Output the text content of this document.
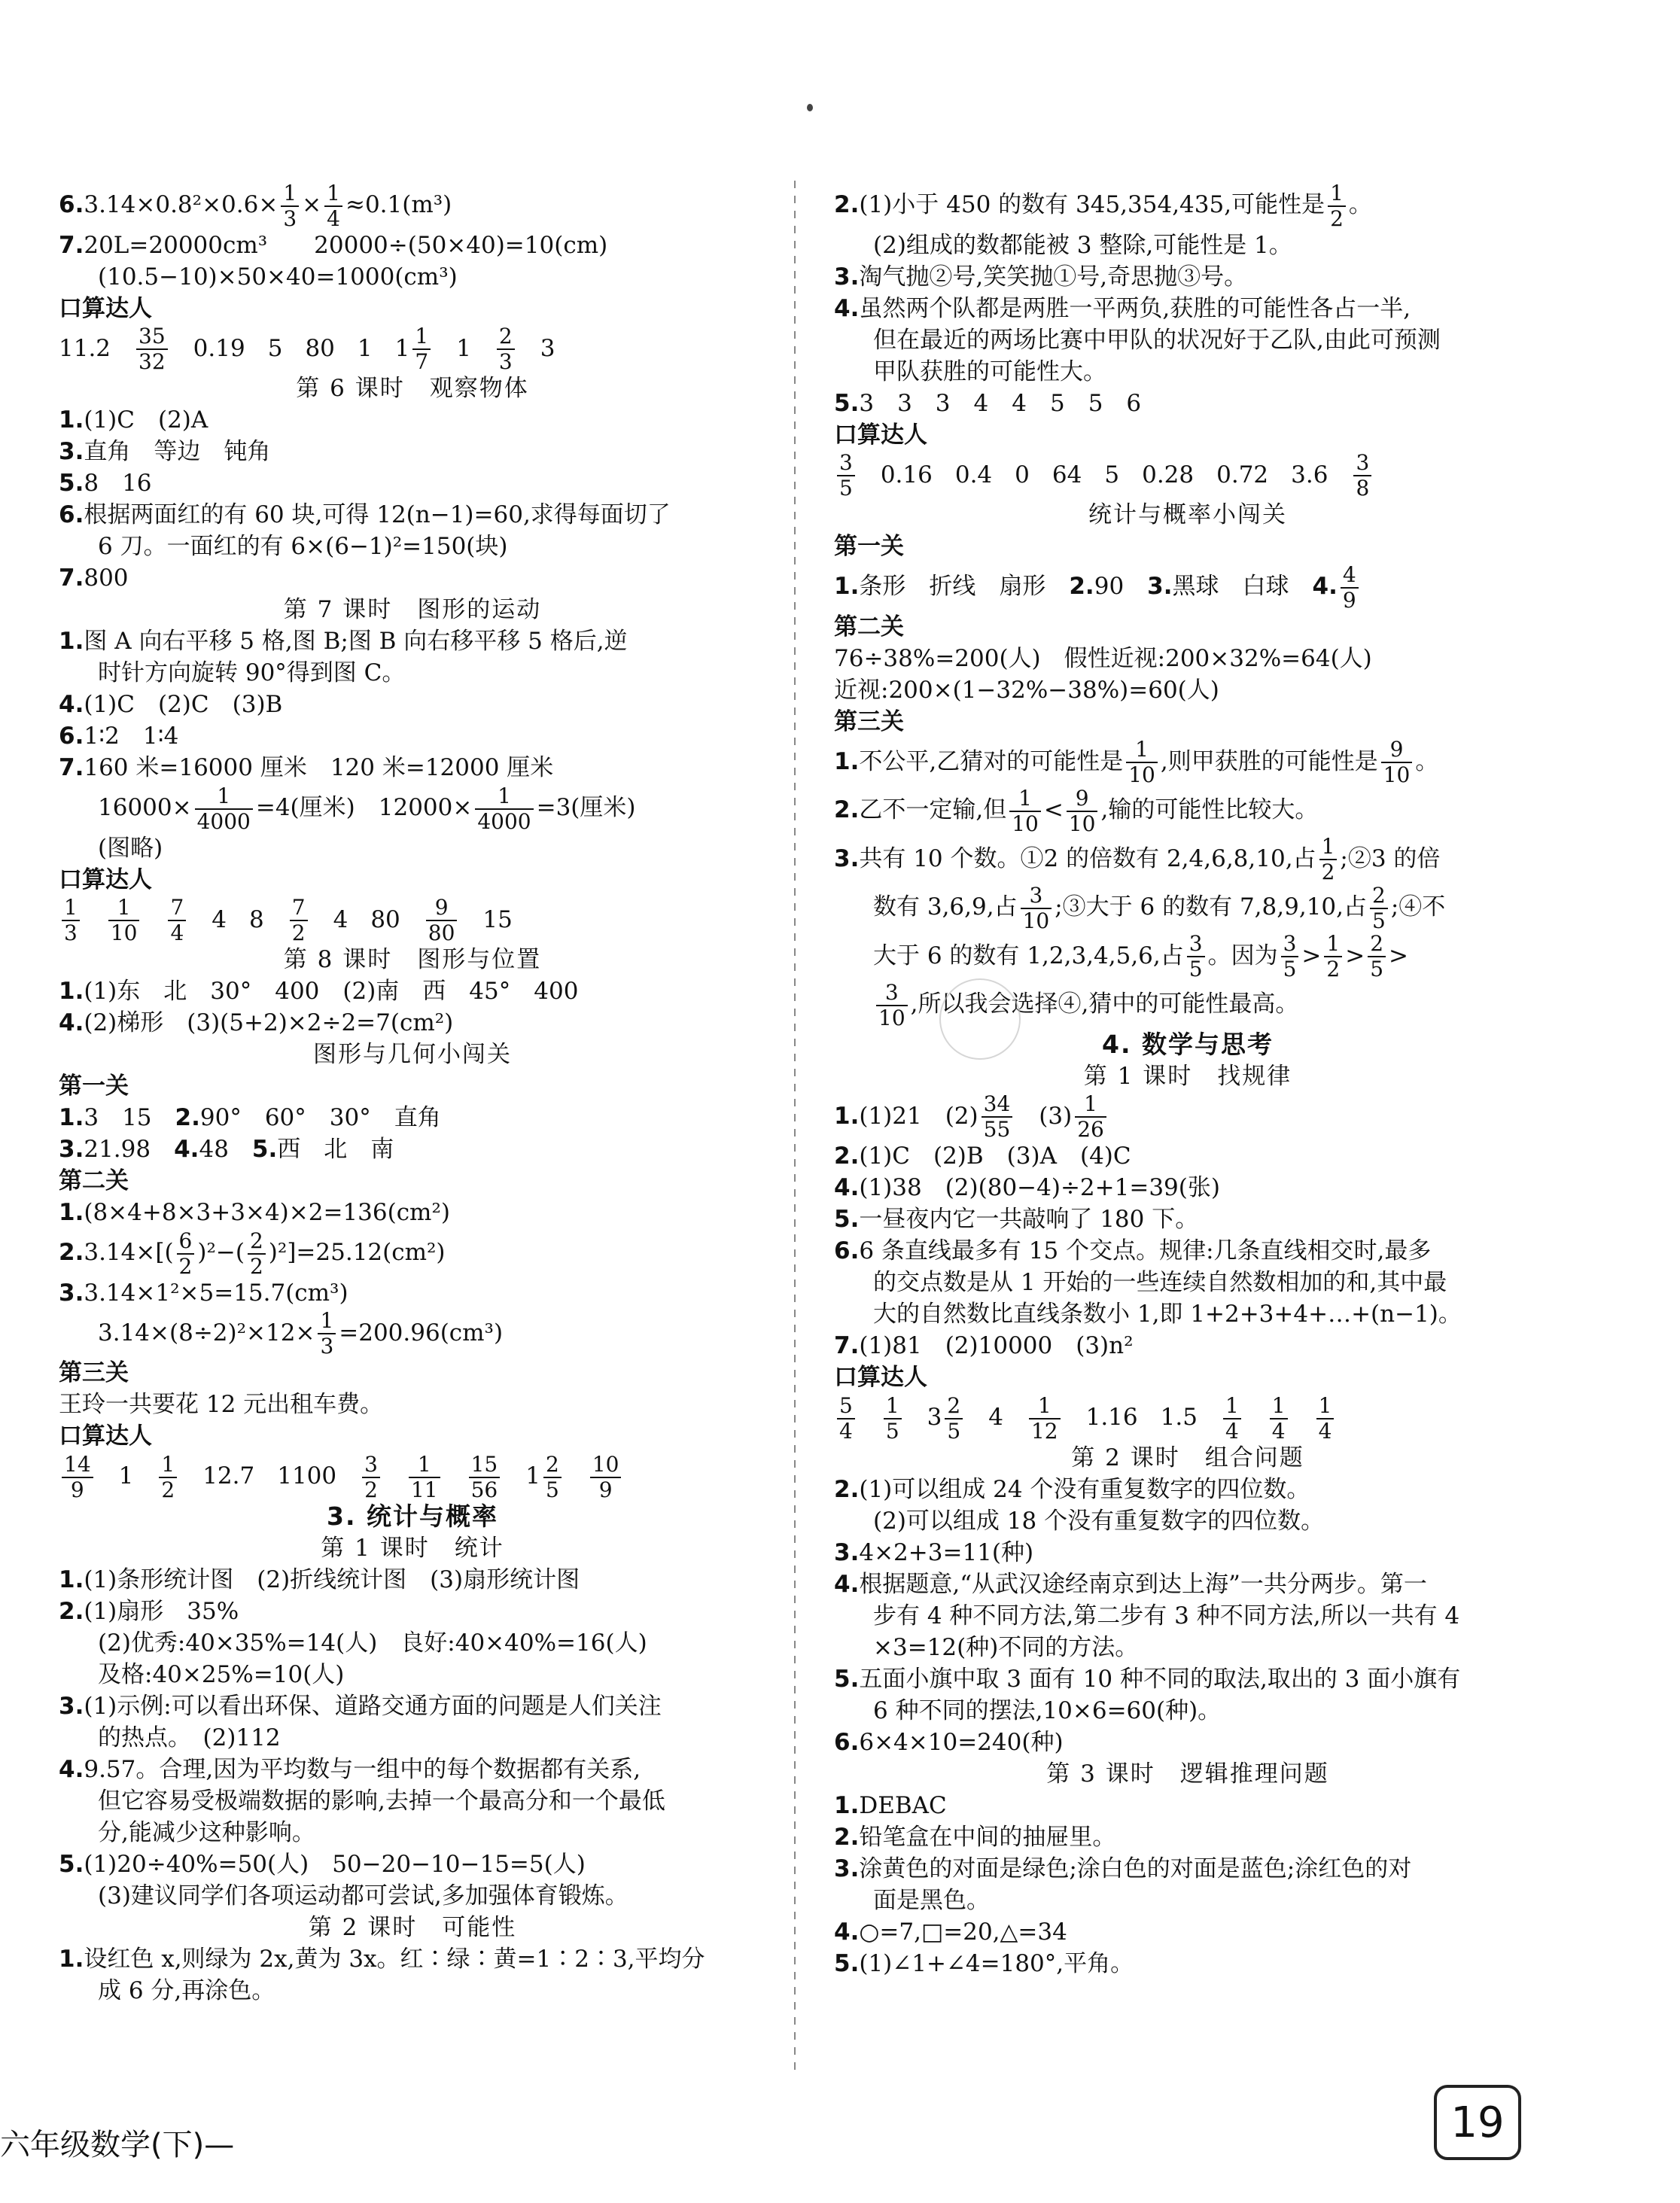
$6.3.14\times 0.8^2\times 0.6\times \frac{1}{3} \times \frac{1}{4} \approx 0.1(m^3)$
7.20L=20000cm³　　20000÷(50×40)=10(cm)
(10.5−10)×50×40=1000(cm³)
口算达人
$11.2 \frac{35}{32} 0.19$ 5 80 1 $1 \frac{1}{7} 1 \frac{2}{3} 3$
第 6 课时　观察物体
1.(1)C　(2)A
3.直角　等边　钝角
5.8　16
6.根据两面红的有 60 块,可得 12(n−1)=60,求得每面切了
6 刀。一面红的有 6×(6−1)²=150(块)
7.800
第 7 课时　图形的运动
1.图 A 向右平移 5 格,图 B;图 B 向右移平移 5 格后,逆
时针方向旋转 90°得到图 C。
4.(1)C　(2)C　(3)B
6.1∶2　1∶4
7.160 米=16000 厘米　120 米=12000 厘米
$16000\times \frac{1}{4000} =4$(厘米)　$12000\times \frac{1}{4000} =3$(厘米)
(图略)
口算达人
$\frac{1}{3} \frac{1}{10} \frac{7}{4} 4$ $8 \frac{7}{2} 4$ $80 \frac{9}{80} 15$
第 8 课时　图形与位置
1.(1)东　北　30°　400　(2)南　西　45°　400
4.(2)梯形　(3)(5+2)×2÷2=7(cm²)
图形与几何小闯关
第一关
1.3　15　2.90°　60°　30°　直角
3.21.98　4.48　5.西　北　南
第二关
1.(8×4+8×3+3×4)×2=136(cm²)
$2.3.14\times[( \frac{6}{2} )^2-( \frac{2}{2} )^2]=25.12(cm^2)$
3.3.14×1²×5=15.7(cm³)
$3.14\times(8\div 2)^2\times 12\times \frac{1}{3} =200.96(cm^3)$
第三关
王玲一共要花 12 元出租车费。
口算达人
$\frac{14}{9} 1 \frac{1}{2} 12.7$ $1100 \frac{3}{2} \frac{1}{11} \frac{15}{56} 1 \frac{2}{5} \frac{10}{9}$
3. 统计与概率
第 1 课时　统计
1.(1)条形统计图　(2)折线统计图　(3)扇形统计图
2.(1)扇形　35%
(2)优秀:40×35%=14(人)　良好:40×40%=16(人)
及格:40×25%=10(人)
3.(1)示例:可以看出环保、道路交通方面的问题是人们关注
的热点。　(2)112
4.9.57。合理,因为平均数与一组中的每个数据都有关系,
但它容易受极端数据的影响,去掉一个最高分和一个最低
分,能减少这种影响。
5.(1)20÷40%=50(人)　50−20−10−15=5(人)
(3)建议同学们各项运动都可尝试,多加强体育锻炼。
第 2 课时　可能性
1.设红色 x,则绿为 2x,黄为 3x。红∶绿∶黄=1∶2∶3,平均分
成 6 分,再涂色。
2.(1)小于 450 的数有 345,354,435,可能性是 $\frac{1}{2}$ 。
(2)组成的数都能被 3 整除,可能性是 1。
3.淘气抛②号,笑笑抛①号,奇思抛③号。
4.虽然两个队都是两胜一平两负,获胜的可能性各占一半,
但在最近的两场比赛中甲队的状况好于乙队,由此可预测
甲队获胜的可能性大。
5.3　3　3　4　4　5　5　6
口算达人
$\frac{3}{5} 0.16$ 0.4 0 64 5 0.28 0.72 $3.6 \frac{3}{8}$
统计与概率小闯关
第一关
1.条形　折线　扇形　2.90　3.黑球　白球　4. $\frac{4}{9}$
第二关
76÷38%=200(人)　假性近视:200×32%=64(人)
近视:200×(1−32%−38%)=60(人)
第三关
1.不公平,乙猜对的可能性是 $\frac{1}{10}$ ,则甲获胜的可能性是 $\frac{9}{10}$ 。
2.乙不一定输,但 $\frac{1}{10} < \frac{9}{10}$ ,输的可能性比较大。
3.共有 10 个数。①2 的倍数有 2,4,6,8,10,占 $\frac{1}{2}$ ;②3 的倍
数有 3,6,9,占 $\frac{3}{10}$ ;③大于 6 的数有 7,8,9,10,占 $\frac{2}{5}$ ;④不
大于 6 的数有 1,2,3,4,5,6,占 $\frac{3}{5}$ 。因为 $\frac{3}{5} > \frac{1}{2} > \frac{2}{5}$ >
$\frac{3}{10}$ ,所以我会选择④,猜中的可能性最高。
4. 数学与思考
第 1 课时　找规律
1.(1)21　$(2) \frac{34}{55}$ 　$(3) \frac{1}{26}$
2.(1)C　(2)B　(3)A　(4)C
4.(1)38　(2)(80−4)÷2+1=39(张)
5.一昼夜内它一共敲响了 180 下。
6.6 条直线最多有 15 个交点。规律:几条直线相交时,最多
的交点数是从 1 开始的一些连续自然数相加的和,其中最
大的自然数比直线条数小 1,即 1+2+3+4+…+(n−1)。
7.(1)81　(2)10000　(3)n²
口算达人
$\frac{5}{4} \frac{1}{5} 3 \frac{2}{5} 4 \frac{1}{12} 1.16$ $1.5 \frac{1}{4} \frac{1}{4} \frac{1}{4}$
第 2 课时　组合问题
2.(1)可以组成 24 个没有重复数字的四位数。
(2)可以组成 18 个没有重复数字的四位数。
3.4×2+3=11(种)
4.根据题意,“从武汉途经南京到达上海”一共分两步。第一
步有 4 种不同方法,第二步有 3 种不同方法,所以一共有 4
×3=12(种)不同的方法。
5.五面小旗中取 3 面有 10 种不同的取法,取出的 3 面小旗有
6 种不同的摆法,10×6=60(种)。
6.6×4×10=240(种)
第 3 课时　逻辑推理问题
1.DEBAC
2.铅笔盒在中间的抽屉里。
3.涂黄色的对面是绿色;涂白色的对面是蓝色;涂红色的对
面是黑色。
4.○=7,□=20,△=34
5.(1)∠1+∠4=180°,平角。
六年级数学(下)—	19
